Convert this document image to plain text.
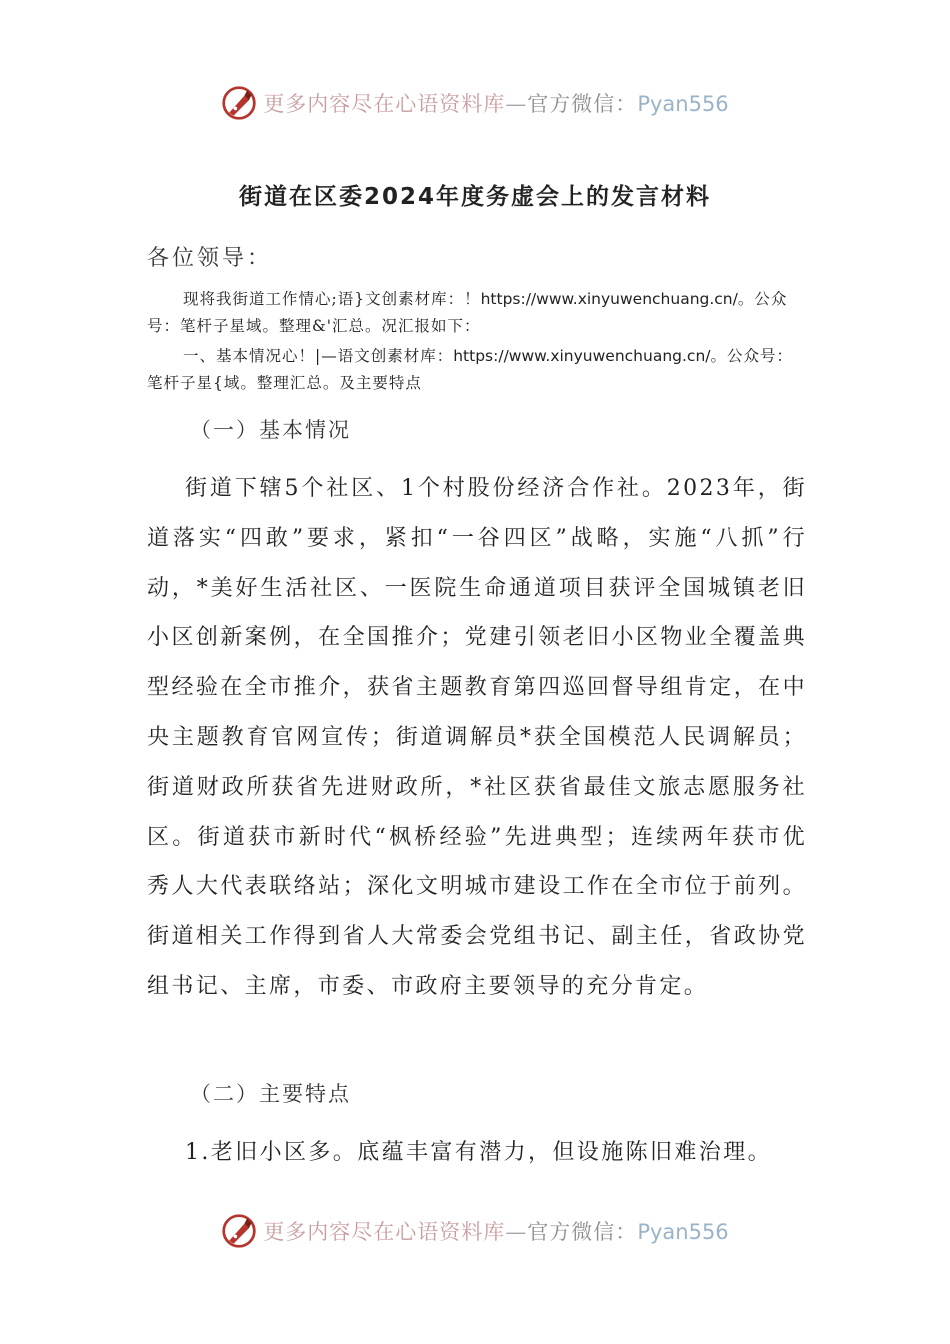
更多内容尽在心语资料库—官方微信：Pyan556
街道在区委2024年度务虚会上的发言材料
各位领导：
现将我街道工作情心;语}文创素材库：！https://www.xinyuwenchuang.cn/。公众号：笔杆子星域。整理&'汇总。况汇报如下：
一、基本情况心！|—语文创素材库：https://www.xinyuwenchuang.cn/。公众号：笔杆子星{域。整理汇总。及主要特点
（一）基本情况
街道下辖5个社区、1个村股份经济合作社。2023年，街道落实“四敢”要求，紧扣“一谷四区”战略，实施“八抓”行动，*美好生活社区、一医院生命通道项目获评全国城镇老旧小区创新案例，在全国推介；党建引领老旧小区物业全覆盖典型经验在全市推介，获省主题教育第四巡回督导组肯定，在中央主题教育官网宣传；街道调解员*获全国模范人民调解员；街道财政所获省先进财政所，*社区获省最佳文旅志愿服务社区。街道获市新时代“枫桥经验”先进典型；连续两年获市优秀人大代表联络站；深化文明城市建设工作在全市位于前列。街道相关工作得到省人大常委会党组书记、副主任，省政协党组书记、主席，市委、市政府主要领导的充分肯定。
（二）主要特点
1.老旧小区多。底蕴丰富有潜力，但设施陈旧难治理。
更多内容尽在心语资料库—官方微信：Pyan556
